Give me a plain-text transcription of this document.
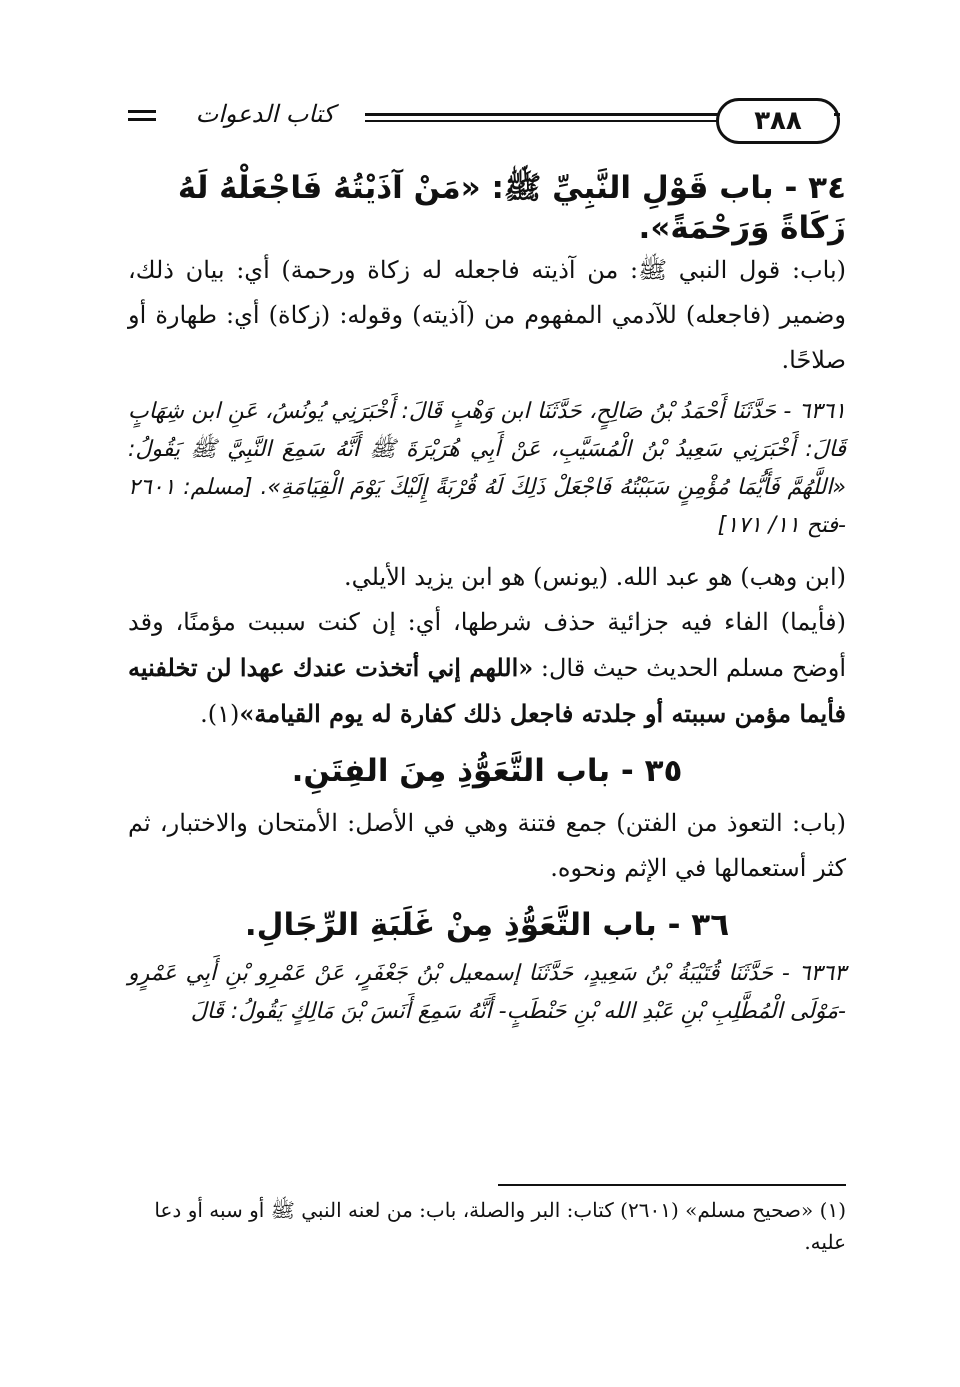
كتاب الدعوات	٣٨٨
٣٤ - باب قَوْلِ النَّبِيِّ ﷺ: «مَنْ آذَيْتُهُ فَاجْعَلْهُ لَهُ زَكَاةً وَرَحْمَةً».

(باب: قول النبي ﷺ: من آذيته فاجعله له زكاة ورحمة) أي: بيان ذلك، وضمير (فاجعله) للآدمي المفهوم من (آذيته) وقوله: (زكاة) أي: طهارة أو صلاحًا.

٦٣٦١ - حَدَّثَنَا أَحْمَدُ بْنُ صَالِحٍ، حَدَّثَنَا ابن وَهْبٍ قَالَ: أَخْبَرَنِي يُونُسُ، عَنِ ابن شِهَابٍ قَالَ: أَخْبَرَنِي سَعِيدُ بْنُ الْمُسَيَّبِ، عَنْ أَبِي هُرَيْرَةَ ﷺ أَنَّهُ سَمِعَ النَّبِيَّ ﷺ يَقُولُ: «اللَّهُمَّ فَأَيُّمَا مُؤْمِنٍ سَبَبْتُهُ فَاجْعَلْ ذَلِكَ لَهُ قُرْبَةً إِلَيْكَ يَوْمَ الْقِيَامَةِ». [مسلم: ٢٦٠١ -فتح ١١/ ١٧١]

(ابن وهب) هو عبد الله. (يونس) هو ابن يزيد الأيلي.

(فأيما) الفاء فيه جزائية حذف شرطها، أي: إن كنت سببت مؤمنًا، وقد أوضح مسلم الحديث حيث قال: «اللهم إني أتخذت عندك عهدا لن تخلفنيه فأيما مؤمن سببته أو جلدته فاجعل ذلك كفارة له يوم القيامة»(١).

٣٥ - باب التَّعَوُّذِ مِنَ الفِتَنِ.

(باب: التعوذ من الفتن) جمع فتنة وهي في الأصل: الأمتحان والاختبار، ثم كثر أستعمالها في الإثم ونحوه.

٣٦ - باب التَّعَوُّذِ مِنْ غَلَبَةِ الرِّجَالِ.

٦٣٦٣ - حَدَّثَنَا قُتَيْبَةُ بْنُ سَعِيدٍ، حَدَّثَنَا إسمعيل بْنُ جَعْفَرٍ، عَنْ عَمْرِو بْنِ أَبِي عَمْرٍو -مَوْلَى الْمُطَّلِبِ بْنِ عَبْدِ الله بْنِ حَنْطَبٍ- أَنَّهُ سَمِعَ أَنَسَ بْنَ مَالِكٍ يَقُولُ: قَالَ

(١) «صحيح مسلم» (٢٦٠١) كتاب: البر والصلة، باب: من لعنه النبي ﷺ أو سبه أو دعا عليه.
